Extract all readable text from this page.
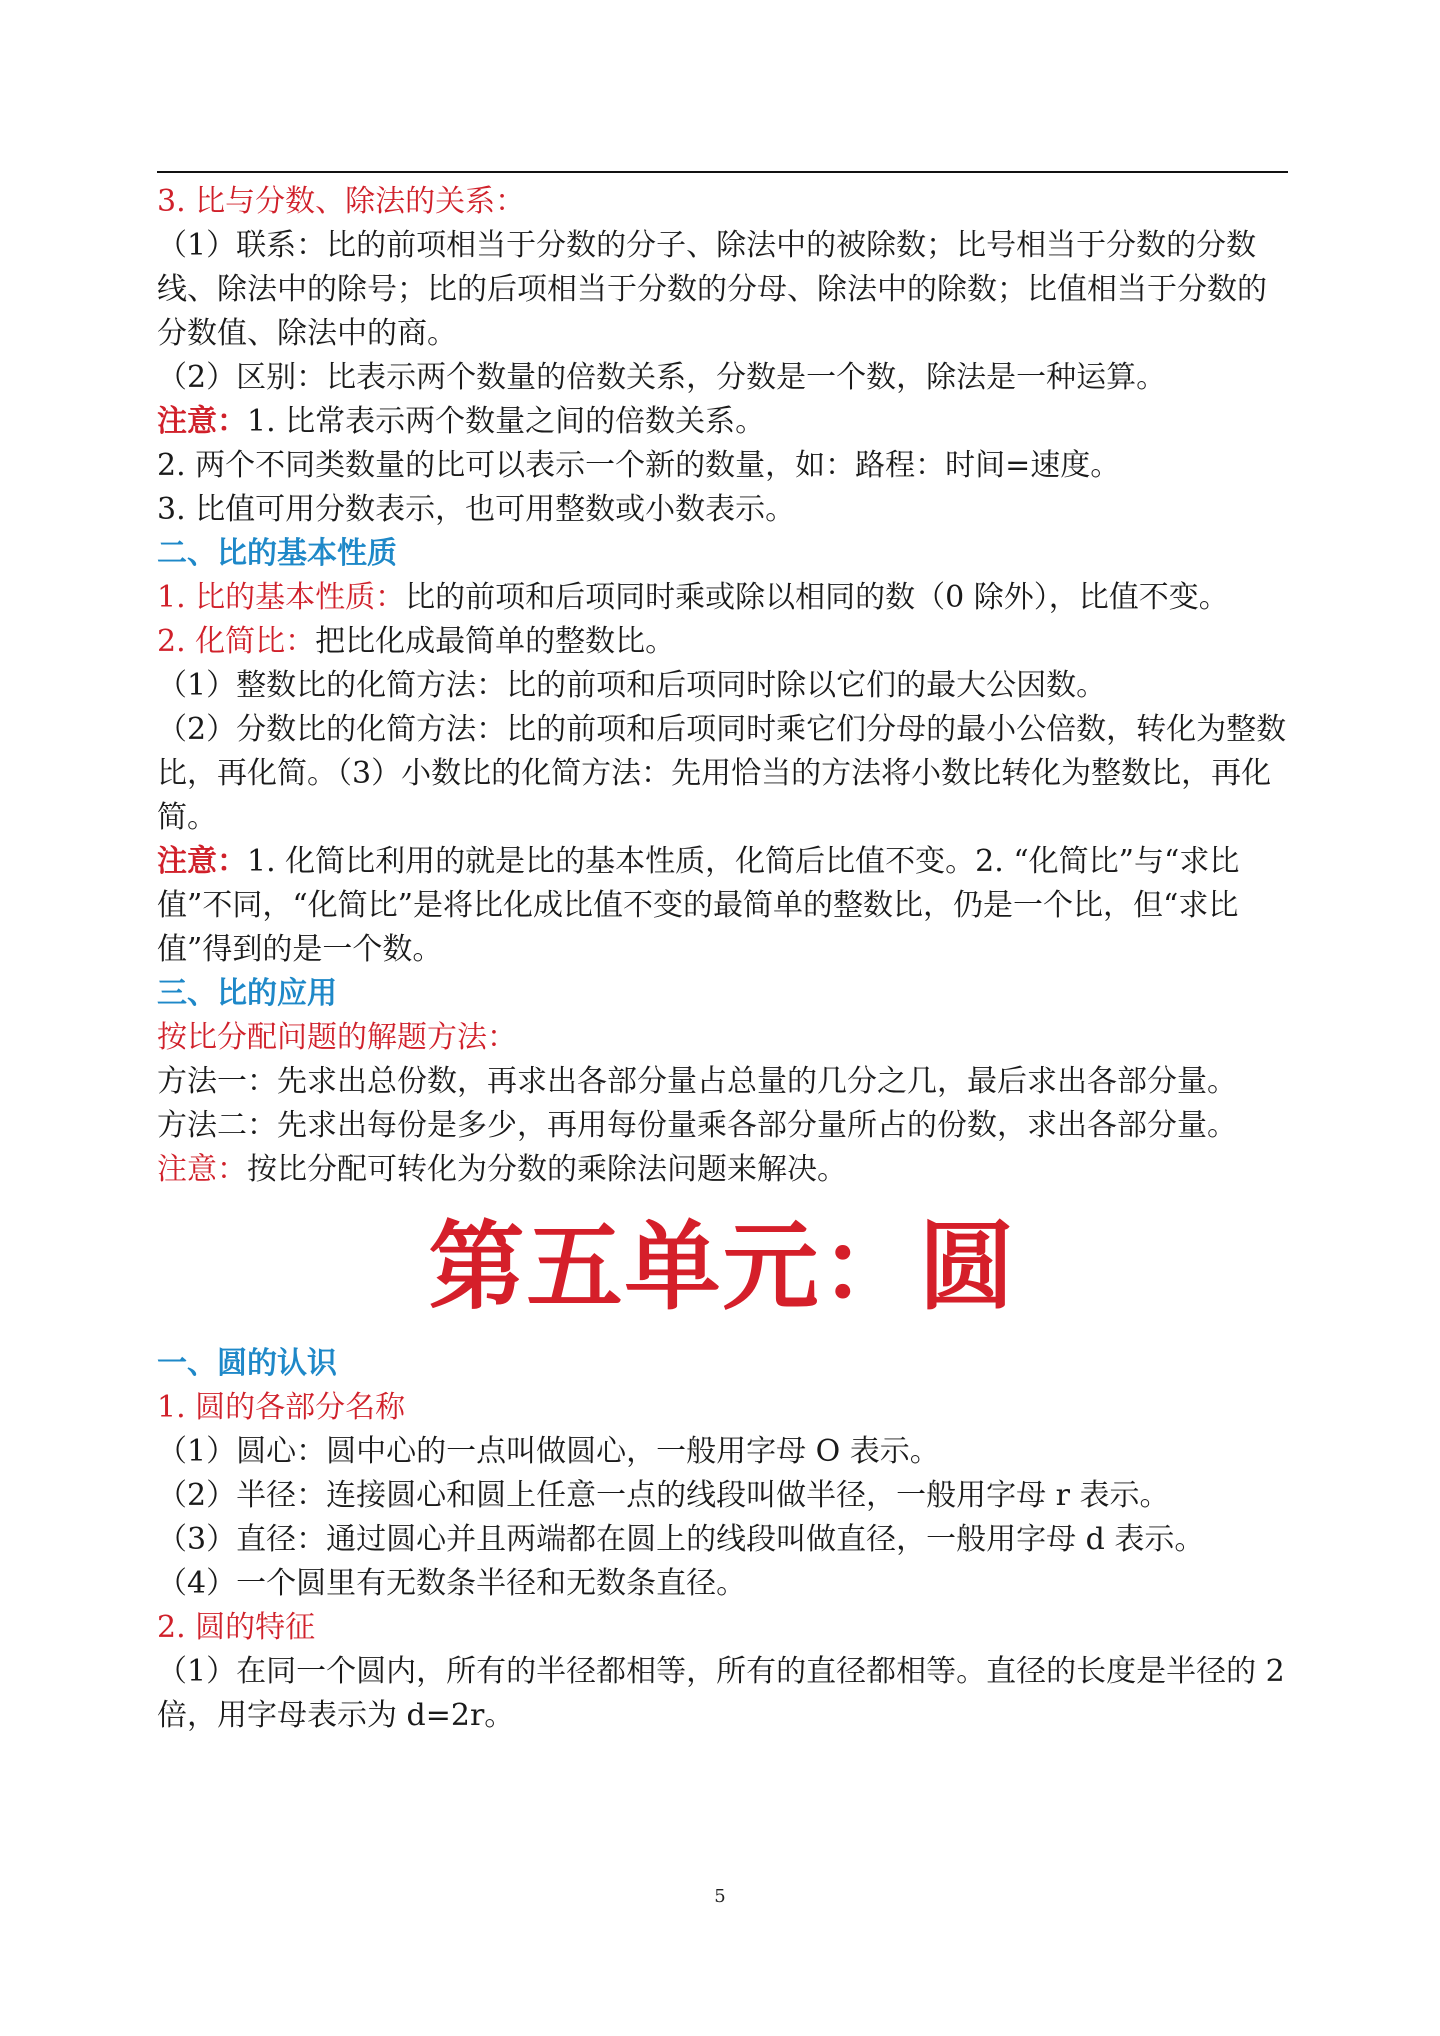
3. 比与分数、除法的关系：

（1）联系：比的前项相当于分数的分子、除法中的被除数；比号相当于分数的分数线、除法中的除号；比的后项相当于分数的分母、除法中的除数；比值相当于分数的分数值、除法中的商。

（2）区别：比表示两个数量的倍数关系，分数是一个数，除法是一种运算。

注意：1. 比常表示两个数量之间的倍数关系。

2. 两个不同类数量的比可以表示一个新的数量，如：路程：时间=速度。

3. 比值可用分数表示，也可用整数或小数表示。

二、比的基本性质

1. 比的基本性质：比的前项和后项同时乘或除以相同的数（0 除外），比值不变。

2. 化简比：把比化成最简单的整数比。

（1）整数比的化简方法：比的前项和后项同时除以它们的最大公因数。

（2）分数比的化简方法：比的前项和后项同时乘它们分母的最小公倍数，转化为整数比，再化简。（3）小数比的化简方法：先用恰当的方法将小数比转化为整数比，再化简。

注意：1. 化简比利用的就是比的基本性质，化简后比值不变。2. “化简比”与“求比值”不同，“化简比”是将比化成比值不变的最简单的整数比，仍是一个比，但“求比值”得到的是一个数。

三、比的应用

按比分配问题的解题方法：

方法一：先求出总份数，再求出各部分量占总量的几分之几，最后求出各部分量。

方法二：先求出每份是多少，再用每份量乘各部分量所占的份数，求出各部分量。

注意：按比分配可转化为分数的乘除法问题来解决。

第五单元：圆

一、圆的认识

1. 圆的各部分名称

（1）圆心：圆中心的一点叫做圆心，一般用字母 O 表示。

（2）半径：连接圆心和圆上任意一点的线段叫做半径，一般用字母 r 表示。

（3）直径：通过圆心并且两端都在圆上的线段叫做直径，一般用字母 d 表示。

（4）一个圆里有无数条半径和无数条直径。

2. 圆的特征

（1）在同一个圆内，所有的半径都相等，所有的直径都相等。直径的长度是半径的 2 倍，用字母表示为 d=2r。

5
